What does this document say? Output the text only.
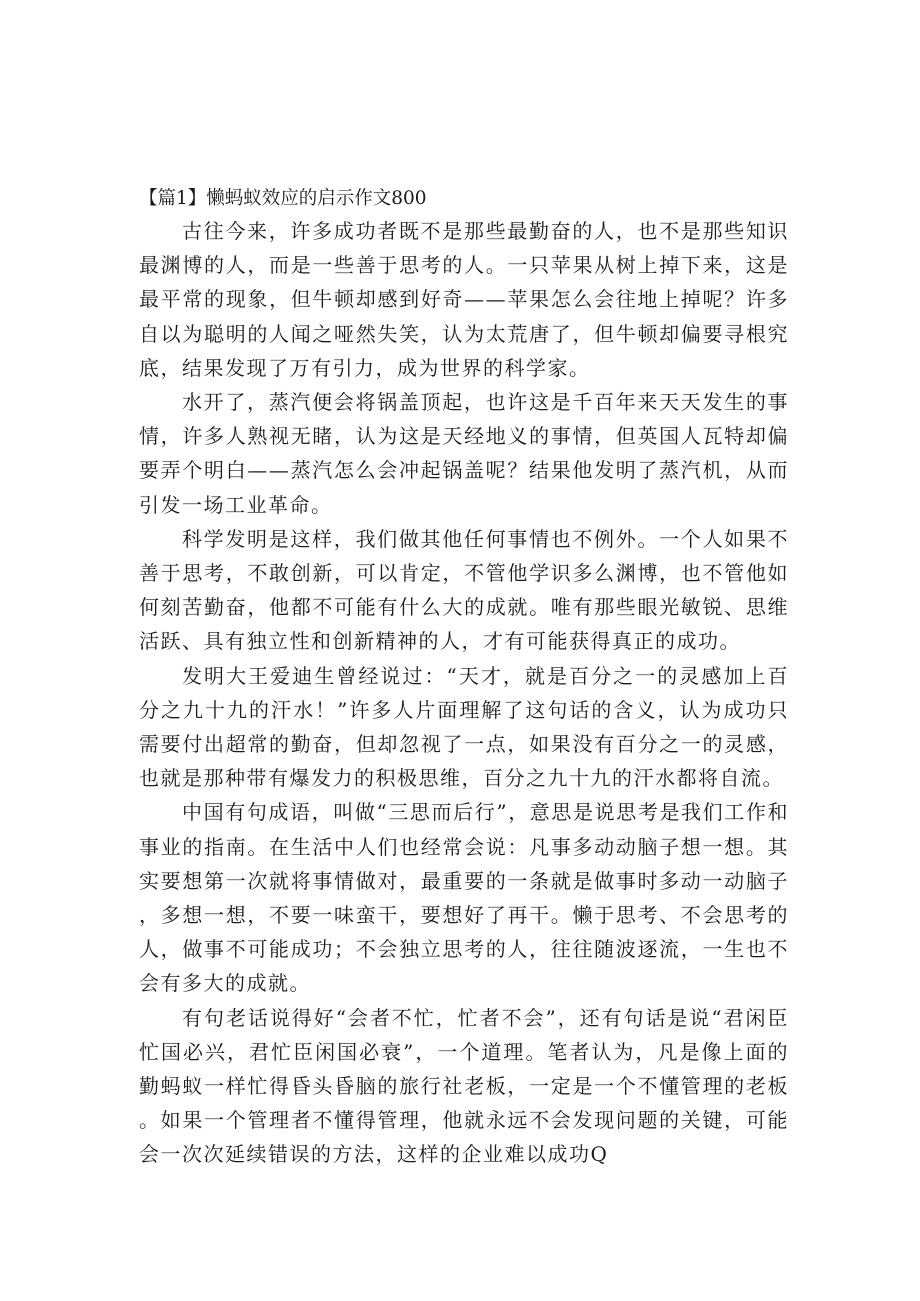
【篇1】懒蚂蚁效应的启示作文800

古往今来，许多成功者既不是那些最勤奋的人，也不是那些知识最渊博的人，而是一些善于思考的人。一只苹果从树上掉下来，这是最平常的现象，但牛顿却感到好奇——苹果怎么会往地上掉呢？许多自以为聪明的人闻之哑然失笑，认为太荒唐了，但牛顿却偏要寻根究底，结果发现了万有引力，成为世界的科学家。

水开了，蒸汽便会将锅盖顶起，也许这是千百年来天天发生的事情，许多人熟视无睹，认为这是天经地义的事情，但英国人瓦特却偏要弄个明白——蒸汽怎么会冲起锅盖呢？结果他发明了蒸汽机，从而引发一场工业革命。

科学发明是这样，我们做其他任何事情也不例外。一个人如果不善于思考，不敢创新，可以肯定，不管他学识多么渊博，也不管他如何刻苦勤奋，他都不可能有什么大的成就。唯有那些眼光敏锐、思维活跃、具有独立性和创新精神的人，才有可能获得真正的成功。

发明大王爱迪生曾经说过：“天才，就是百分之一的灵感加上百分之九十九的汗水！”许多人片面理解了这句话的含义，认为成功只需要付出超常的勤奋，但却忽视了一点，如果没有百分之一的灵感，也就是那种带有爆发力的积极思维，百分之九十九的汗水都将自流。

中国有句成语，叫做“三思而后行”，意思是说思考是我们工作和事业的指南。在生活中人们也经常会说：凡事多动动脑子想一想。其实要想第一次就将事情做对，最重要的一条就是做事时多动一动脑子，多想一想，不要一味蛮干，要想好了再干。懒于思考、不会思考的人，做事不可能成功；不会独立思考的人，往往随波逐流，一生也不会有多大的成就。

有句老话说得好“会者不忙，忙者不会”，还有句话是说“君闲臣忙国必兴，君忙臣闲国必衰”，一个道理。笔者认为，凡是像上面的勤蚂蚁一样忙得昏头昏脑的旅行社老板，一定是一个不懂管理的老板。如果一个管理者不懂得管理，他就永远不会发现问题的关键，可能会一次次延续错误的方法，这样的企业难以成功Q
